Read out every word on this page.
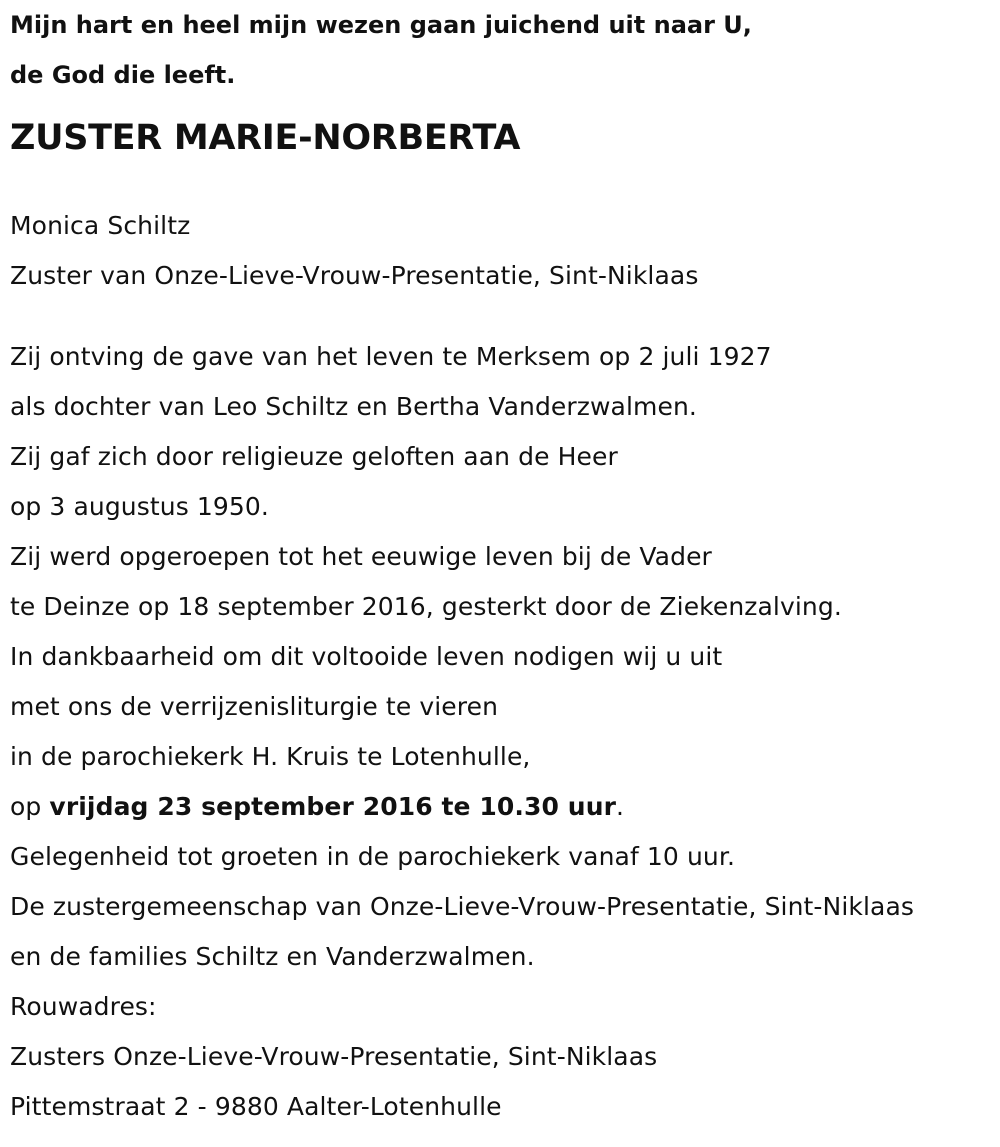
Mijn hart en heel mijn wezen gaan juichend uit naar U,
de God die leeft.
ZUSTER MARIE-NORBERTA
Monica Schiltz
Zuster van Onze-Lieve-Vrouw-Presentatie, Sint-Niklaas
Zij ontving de gave van het leven te Merksem op 2 juli 1927
als dochter van Leo Schiltz en Bertha Vanderzwalmen.
Zij gaf zich door religieuze geloften aan de Heer
op 3 augustus 1950.
Zij werd opgeroepen tot het eeuwige leven bij de Vader
te Deinze op 18 september 2016, gesterkt door de Ziekenzalving.
In dankbaarheid om dit voltooide leven nodigen wij u uit
met ons de verrijzenisliturgie te vieren
in de parochiekerk H. Kruis te Lotenhulle,
op vrijdag 23 september 2016 te 10.30 uur.
Gelegenheid tot groeten in de parochiekerk vanaf 10 uur.
De zustergemeenschap van Onze-Lieve-Vrouw-Presentatie, Sint-Niklaas
en de families Schiltz en Vanderzwalmen.
Rouwadres:
Zusters Onze-Lieve-Vrouw-Presentatie, Sint-Niklaas
Pittemstraat 2 - 9880 Aalter-Lotenhulle
